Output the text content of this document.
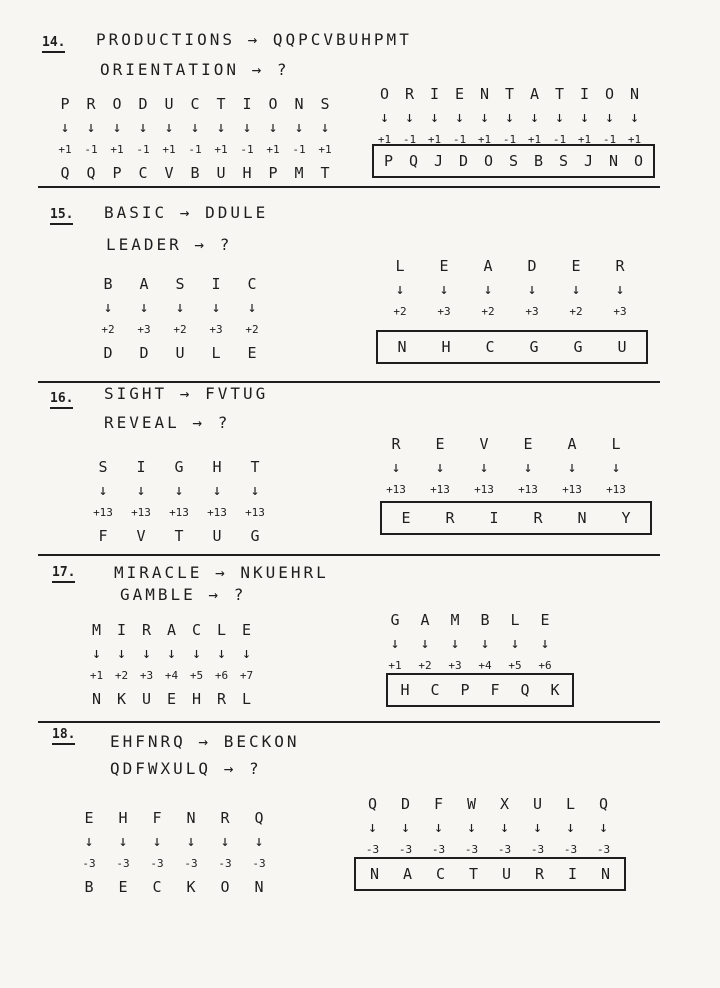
14. PRODUCTIONS → QQPCVBUHPMT
ORIENTATION → ?
P	R	O	D	U	C	T	I	O	N	S
↓	↓	↓	↓	↓	↓	↓	↓	↓	↓	↓
+1	-1	+1	-1	+1	-1	+1	-1	+1	-1	+1
Q	Q	P	C	V	B	U	H	P	M	T
O	R	I	E	N	T	A	T	I	O	N
↓	↓	↓	↓	↓	↓	↓	↓	↓	↓	↓
+1	-1	+1	-1	+1	-1	+1	-1	+1	-1	+1
P	Q	J	D	O	S	B	S	J	N	O
15. BASIC → DDULE
LEADER → ?
B	A	S	I	C
↓	↓	↓	↓	↓
+2	+3	+2	+3	+2
D	D	U	L	E
L	E	A	D	E	R
↓	↓	↓	↓	↓	↓
+2	+3	+2	+3	+2	+3
N	H	C	G	G	U
16. SIGHT → FVTUG
REVEAL → ?
S	I	G	H	T
↓	↓	↓	↓	↓
+13	+13	+13	+13	+13
F	V	T	U	G
R	E	V	E	A	L
↓	↓	↓	↓	↓	↓
+13	+13	+13	+13	+13	+13
E	R	I	R	N	Y
17. MIRACLE → NKUEHRL
GAMBLE → ?
M	I	R	A	C	L	E
↓	↓	↓	↓	↓	↓	↓
+1	+2	+3	+4	+5	+6	+7
N	K	U	E	H	R	L
G	A	M	B	L	E
↓	↓	↓	↓	↓	↓
+1	+2	+3	+4	+5	+6
H	C	P	F	Q	K
18. EHFNRQ → BECKON
QDFWXULQ → ?
E	H	F	N	R	Q
↓	↓	↓	↓	↓	↓
-3	-3	-3	-3	-3	-3
B	E	C	K	O	N
Q	D	F	W	X	U	L	Q
↓	↓	↓	↓	↓	↓	↓	↓
-3	-3	-3	-3	-3	-3	-3	-3
N	A	C	T	U	R	I	N
